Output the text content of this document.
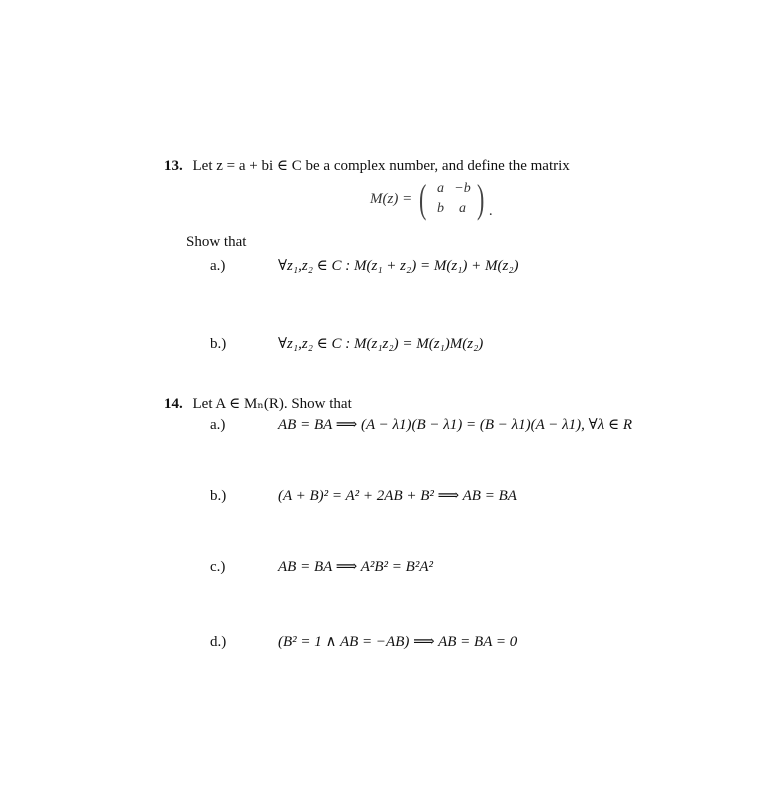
13. Let z = a + bi ∈ C be a complex number, and define the matrix
M(z) = ( a −b
b a ) .
Show that
a.)	∀z₁,z₂ ∈ C : M(z₁ + z₂) = M(z₁) + M(z₂)
b.)	∀z₁,z₂ ∈ C : M(z₁z₂) = M(z₁)M(z₂)
14. Let A ∈ Mₙ(R). Show that
a.)	AB = BA ⟹ (A − λ1)(B − λ1) = (B − λ1)(A − λ1), ∀λ ∈ R
b.)	(A + B)² = A² + 2AB + B² ⟹ AB = BA
c.)	AB = BA ⟹ A²B² = B²A²
d.)	(B² = 1 ∧ AB = −AB) ⟹ AB = BA = 0
